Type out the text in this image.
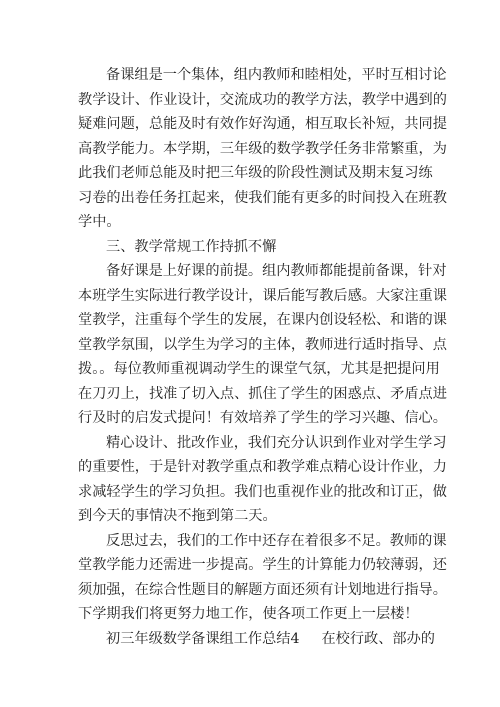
备课组是一个集体，组内教师和睦相处，平时互相讨论
教学设计、作业设计，交流成功的教学方法，教学中遇到的
疑难问题，总能及时有效作好沟通，相互取长补短，共同提
高教学能力。本学期，三年级的数学教学任务非常繁重，为
此我们老师总能及时把三年级的阶段性测试及期末复习练
习卷的出卷任务扛起来，使我们能有更多的时间投入在班教
学中。
三、教学常规工作持抓不懈
备好课是上好课的前提。组内教师都能提前备课，针对
本班学生实际进行教学设计，课后能写教后感。大家注重课
堂教学，注重每个学生的发展，在课内创设轻松、和谐的课
堂教学氛围，以学生为学习的主体，教师进行适时指导、点
拨。。每位教师重视调动学生的课堂气氛，尤其是把提问用
在刀刃上，找准了切入点、抓住了学生的困惑点、矛盾点进
行及时的启发式提问！有效培养了学生的学习兴趣、信心。
精心设计、批改作业，我们充分认识到作业对学生学习
的重要性，于是针对教学重点和教学难点精心设计作业，力
求减轻学生的学习负担。我们也重视作业的批改和订正，做
到今天的事情决不拖到第二天。
反思过去，我们的工作中还存在着很多不足。教师的课
堂教学能力还需进一步提高。学生的计算能力仍较薄弱，还
须加强，在综合性题目的解题方面还须有计划地进行指导。
下学期我们将更努力地工作，使各项工作更上一层楼！
初三年级数学备课组工作总结4 在校行政、部办的
